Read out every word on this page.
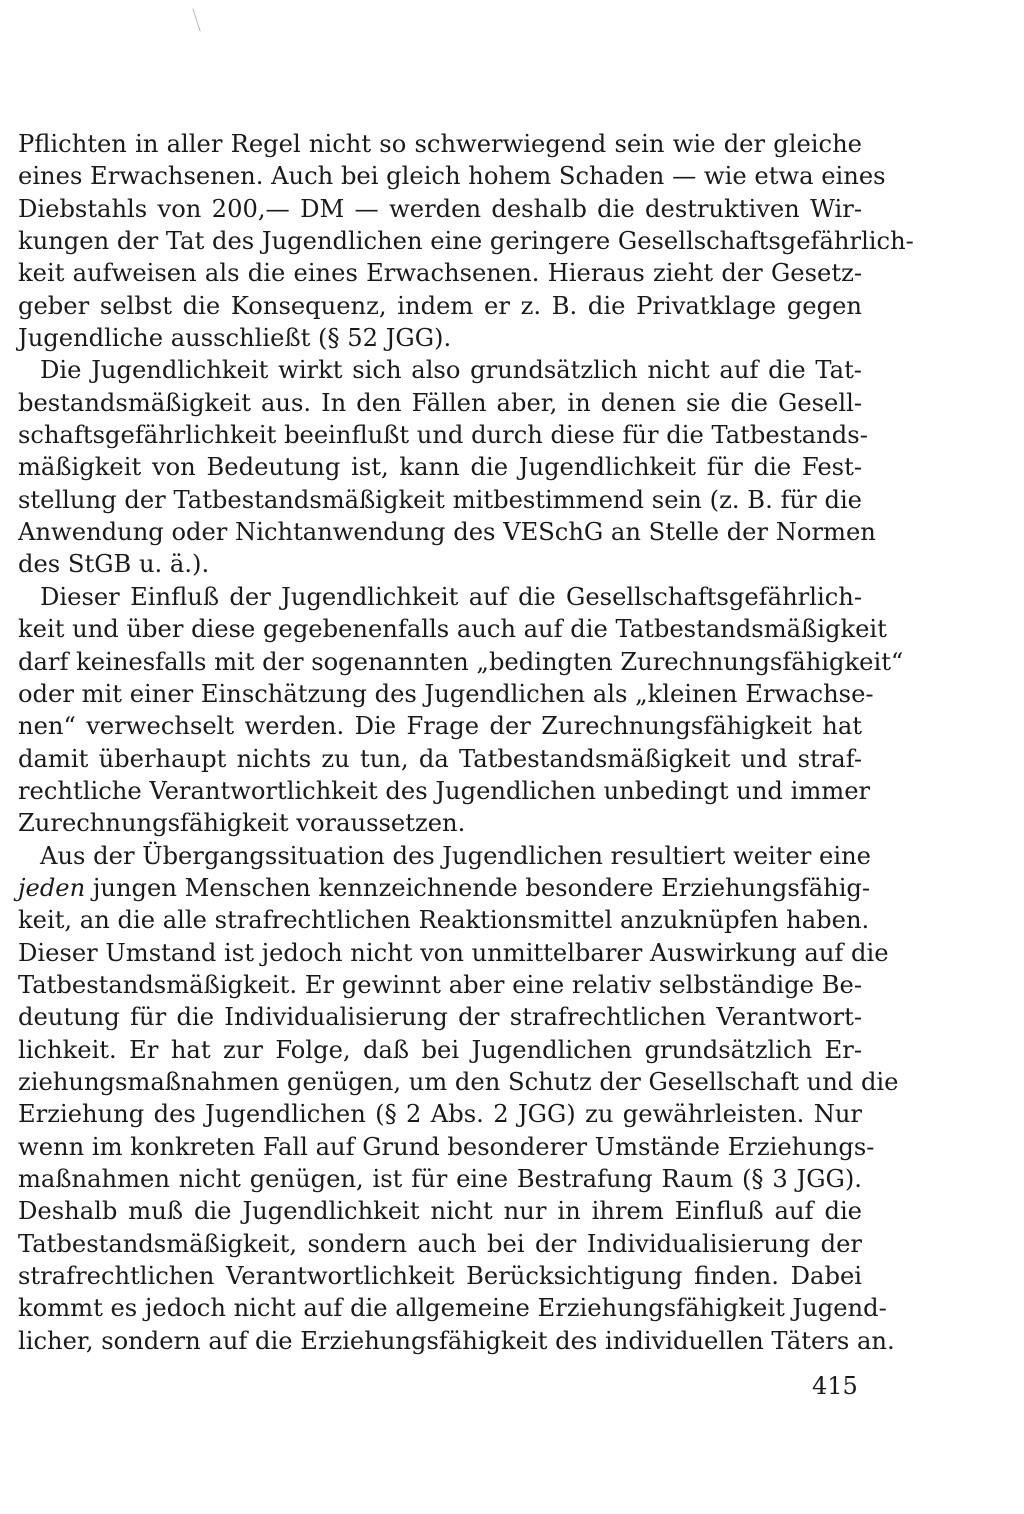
Pflichten in aller Regel nicht so schwerwiegend sein wie der gleiche
eines Erwachsenen. Auch bei gleich hohem Schaden — wie etwa eines
Diebstahls von 200,— DM — werden deshalb die destruktiven Wir-
kungen der Tat des Jugendlichen eine geringere Gesellschaftsgefährlich-
keit aufweisen als die eines Erwachsenen. Hieraus zieht der Gesetz-
geber selbst die Konsequenz, indem er z. B. die Privatklage gegen
Jugendliche ausschließt (§ 52 JGG).
Die Jugendlichkeit wirkt sich also grundsätzlich nicht auf die Tat-
bestandsmäßigkeit aus. In den Fällen aber, in denen sie die Gesell-
schaftsgefährlichkeit beeinflußt und durch diese für die Tatbestands-
mäßigkeit von Bedeutung ist, kann die Jugendlichkeit für die Fest-
stellung der Tatbestandsmäßigkeit mitbestimmend sein (z. B. für die
Anwendung oder Nichtanwendung des VESchG an Stelle der Normen
des StGB u. ä.).
Dieser Einfluß der Jugendlichkeit auf die Gesellschaftsgefährlich-
keit und über diese gegebenenfalls auch auf die Tatbestandsmäßigkeit
darf keinesfalls mit der sogenannten „bedingten Zurechnungsfähigkeit“
oder mit einer Einschätzung des Jugendlichen als „kleinen Erwachse-
nen“ verwechselt werden. Die Frage der Zurechnungsfähigkeit hat
damit überhaupt nichts zu tun, da Tatbestandsmäßigkeit und straf-
rechtliche Verantwortlichkeit des Jugendlichen unbedingt und immer
Zurechnungsfähigkeit voraussetzen.
Aus der Übergangssituation des Jugendlichen resultiert weiter eine
jeden jungen Menschen kennzeichnende besondere Erziehungsfähig-
keit, an die alle strafrechtlichen Reaktionsmittel anzuknüpfen haben.
Dieser Umstand ist jedoch nicht von unmittelbarer Auswirkung auf die
Tatbestandsmäßigkeit. Er gewinnt aber eine relativ selbständige Be-
deutung für die Individualisierung der strafrechtlichen Verantwort-
lichkeit. Er hat zur Folge, daß bei Jugendlichen grundsätzlich Er-
ziehungsmaßnahmen genügen, um den Schutz der Gesellschaft und die
Erziehung des Jugendlichen (§ 2 Abs. 2 JGG) zu gewährleisten. Nur
wenn im konkreten Fall auf Grund besonderer Umstände Erziehungs-
maßnahmen nicht genügen, ist für eine Bestrafung Raum (§ 3 JGG).
Deshalb muß die Jugendlichkeit nicht nur in ihrem Einfluß auf die
Tatbestandsmäßigkeit, sondern auch bei der Individualisierung der
strafrechtlichen Verantwortlichkeit Berücksichtigung finden. Dabei
kommt es jedoch nicht auf die allgemeine Erziehungsfähigkeit Jugend-
licher, sondern auf die Erziehungsfähigkeit des individuellen Täters an.
415
